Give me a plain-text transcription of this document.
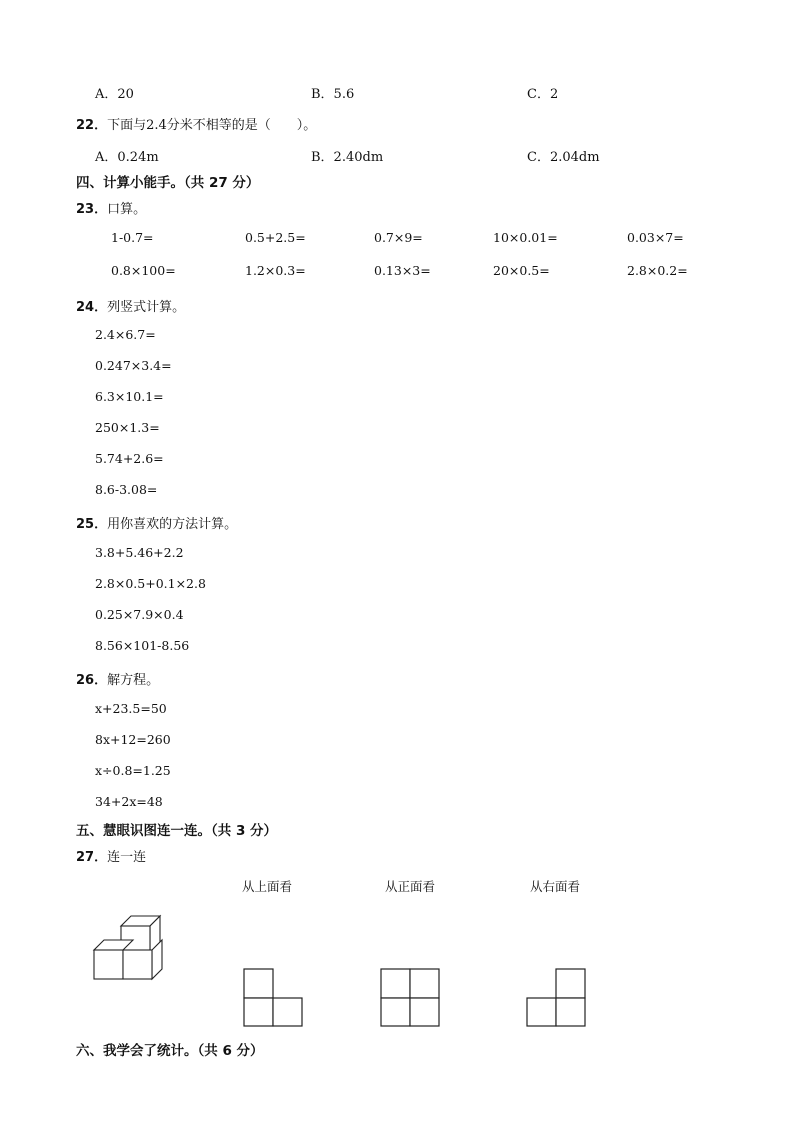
A．20	B．5.6	C．2
22．下面与2.4分米不相等的是（　　）。
A．0.24m	B．2.40dm	C．2.04dm
四、计算小能手。（共 27 分）
23．口算。
1-0.7=	0.5+2.5=	0.7×9=	10×0.01=	0.03×7=
0.8×100=	1.2×0.3=	0.13×3=	20×0.5=	2.8×0.2=
24．列竖式计算。
2.4×6.7=
0.247×3.4=
6.3×10.1=
250×1.3=
5.74+2.6=
8.6-3.08=
25．用你喜欢的方法计算。
3.8+5.46+2.2
2.8×0.5+0.1×2.8
0.25×7.9×0.4
8.56×101-8.56
26．解方程。
x+23.5=50
8x+12=260
x÷0.8=1.25
34+2x=48
五、慧眼识图连一连。（共 3 分）
27．连一连
从上面看	从正面看	从右面看
六、我学会了统计。（共 6 分）
